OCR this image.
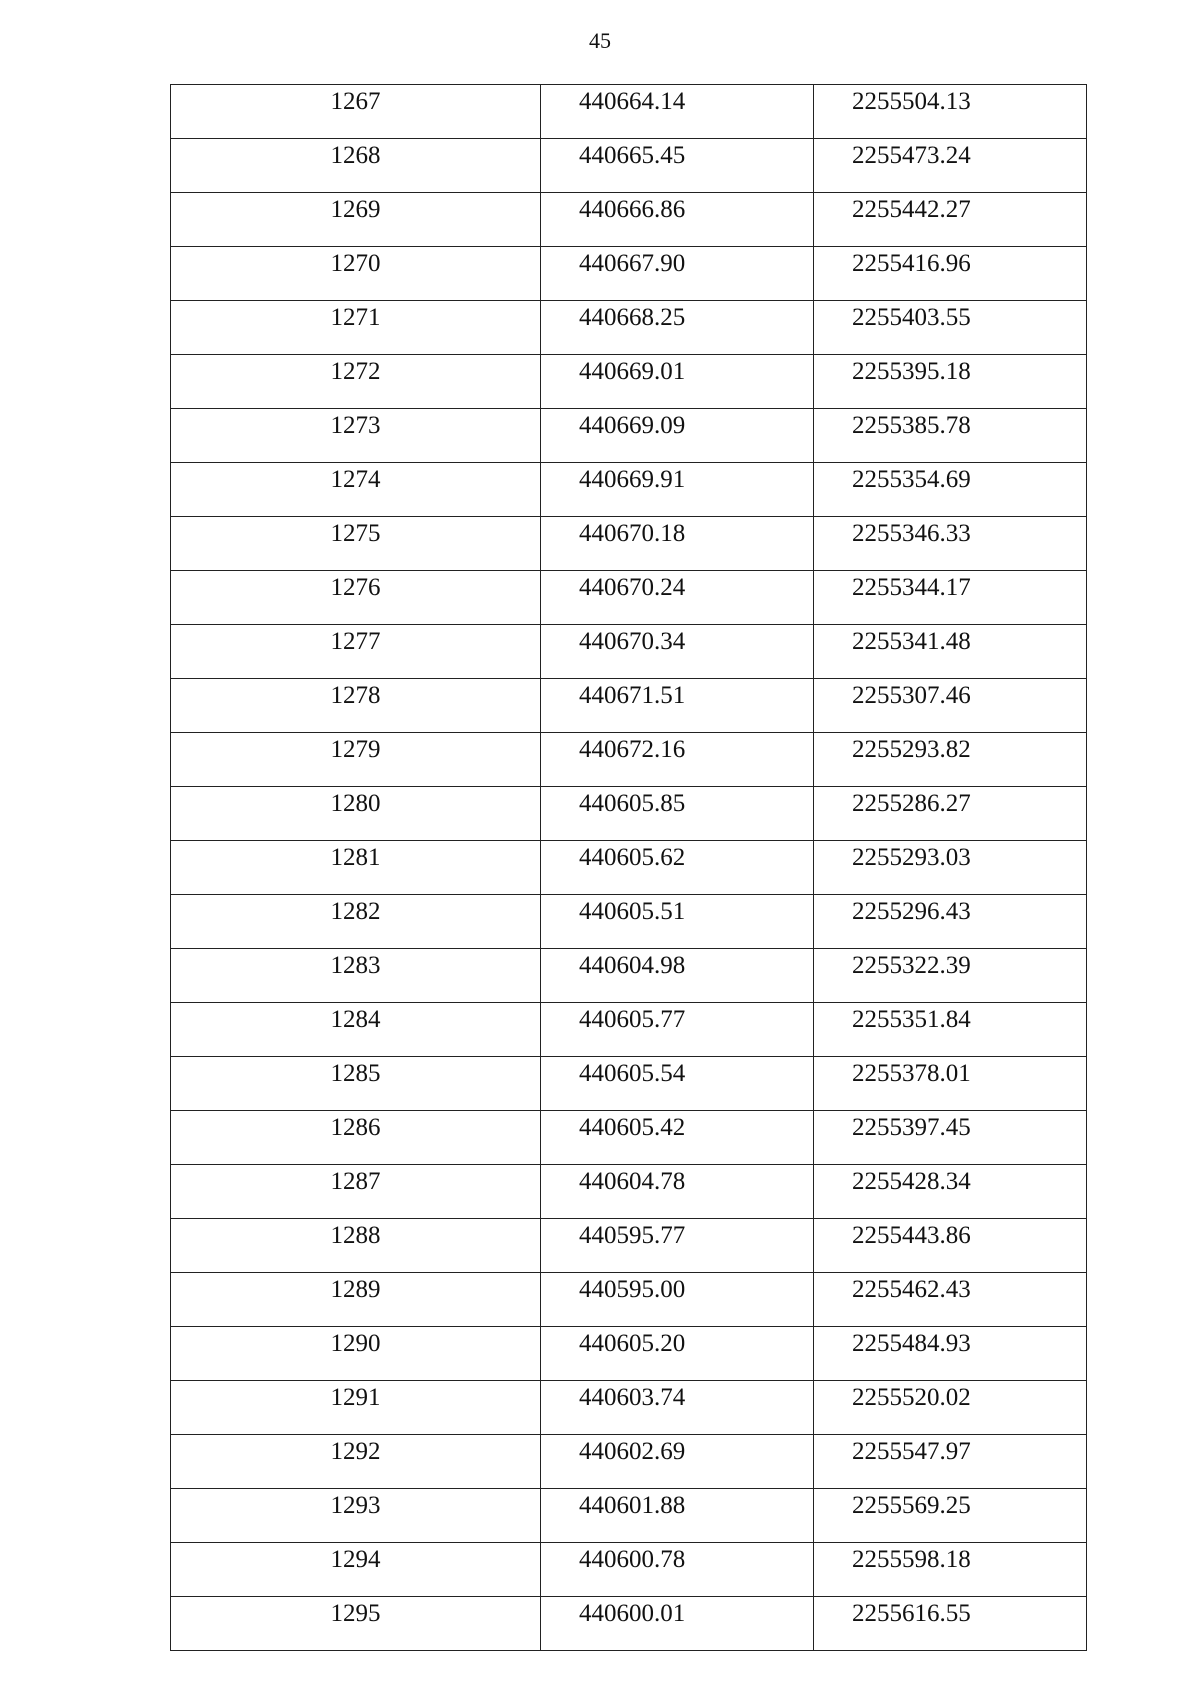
45
1267	440664.14	2255504.13

1268	440665.45	2255473.24

1269	440666.86	2255442.27

1270	440667.90	2255416.96

1271	440668.25	2255403.55

1272	440669.01	2255395.18

1273	440669.09	2255385.78

1274	440669.91	2255354.69

1275	440670.18	2255346.33

1276	440670.24	2255344.17

1277	440670.34	2255341.48

1278	440671.51	2255307.46

1279	440672.16	2255293.82

1280	440605.85	2255286.27

1281	440605.62	2255293.03

1282	440605.51	2255296.43

1283	440604.98	2255322.39

1284	440605.77	2255351.84

1285	440605.54	2255378.01

1286	440605.42	2255397.45

1287	440604.78	2255428.34

1288	440595.77	2255443.86

1289	440595.00	2255462.43

1290	440605.20	2255484.93

1291	440603.74	2255520.02

1292	440602.69	2255547.97

1293	440601.88	2255569.25

1294	440600.78	2255598.18

1295	440600.01	2255616.55
